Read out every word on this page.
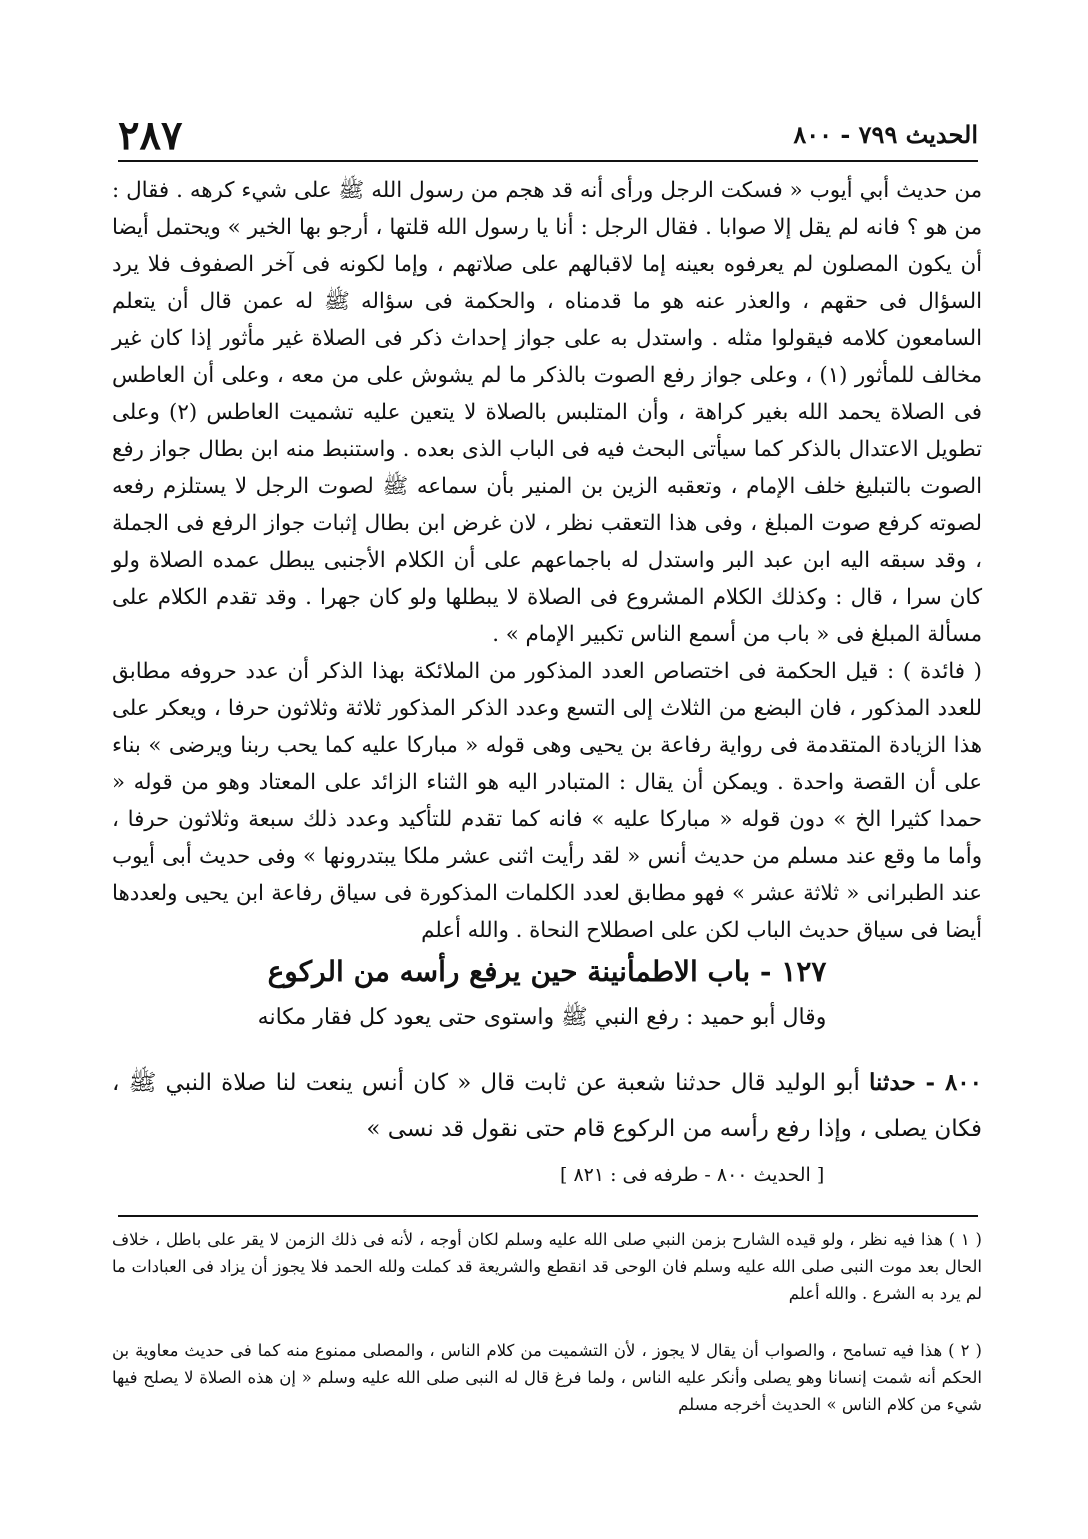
٢٨٧	الحديث ٧٩٩ - ٨٠٠

من حديث أبي أيوب « فسكت الرجل ورأى أنه قد هجم من رسول الله ﷺ على شيء كرهه . فقال : من هو ؟ فانه لم يقل إلا صوابا . فقال الرجل : أنا يا رسول الله قلتها ، أرجو بها الخير » ويحتمل أيضا أن يكون المصلون لم يعرفوه بعينه إما لاقبالهم على صلاتهم ، وإما لكونه فى آخر الصفوف فلا يرد السؤال فى حقهم ، والعذر عنه هو ما قدمناه ، والحكمة فى سؤاله ﷺ له عمن قال أن يتعلم السامعون كلامه فيقولوا مثله . واستدل به على جواز إحداث ذكر فى الصلاة غير مأثور إذا كان غير مخالف للمأثور (١) ، وعلى جواز رفع الصوت بالذكر ما لم يشوش على من معه ، وعلى أن العاطس فى الصلاة يحمد الله بغير كراهة ، وأن المتلبس بالصلاة لا يتعين عليه تشميت العاطس (٢) وعلى تطويل الاعتدال بالذكر كما سيأتى البحث فيه فى الباب الذى بعده . واستنبط منه ابن بطال جواز رفع الصوت بالتبليغ خلف الإمام ، وتعقبه الزين بن المنير بأن سماعه ﷺ لصوت الرجل لا يستلزم رفعه لصوته كرفع صوت المبلغ ، وفى هذا التعقب نظر ، لان غرض ابن بطال إثبات جواز الرفع فى الجملة ، وقد سبقه اليه ابن عبد البر واستدل له باجماعهم على أن الكلام الأجنبى يبطل عمده الصلاة ولو كان سرا ، قال : وكذلك الكلام المشروع فى الصلاة لا يبطلها ولو كان جهرا . وقد تقدم الكلام على مسألة المبلغ فى « باب من أسمع الناس تكبير الإمام » .

( فائدة ) : قيل الحكمة فى اختصاص العدد المذكور من الملائكة بهذا الذكر أن عدد حروفه مطابق للعدد المذكور ، فان البضع من الثلاث إلى التسع وعدد الذكر المذكور ثلاثة وثلاثون حرفا ، ويعكر على هذا الزيادة المتقدمة فى رواية رفاعة بن يحيى وهى قوله « مباركا عليه كما يحب ربنا ويرضى » بناء على أن القصة واحدة . ويمكن أن يقال : المتبادر اليه هو الثناء الزائد على المعتاد وهو من قوله « حمدا كثيرا الخ » دون قوله « مباركا عليه » فانه كما تقدم للتأكيد وعدد ذلك سبعة وثلاثون حرفا ، وأما ما وقع عند مسلم من حديث أنس « لقد رأيت اثنى عشر ملكا يبتدرونها » وفى حديث أبى أيوب عند الطبرانى « ثلاثة عشر » فهو مطابق لعدد الكلمات المذكورة فى سياق رفاعة ابن يحيى ولعددها أيضا فى سياق حديث الباب لكن على اصطلاح النحاة . والله أعلم

١٢٧ - باب الاطمأنينة حين يرفع رأسه من الركوع
وقال أبو حميد : رفع النبي ﷺ واستوى حتى يعود كل فقار مكانه
٨٠٠ - حدثنا أبو الوليد قال حدثنا شعبة عن ثابت قال « كان أنس ينعت لنا صلاة النبي ﷺ ، فكان يصلى ، وإذا رفع رأسه من الركوع قام حتى نقول قد نسى »
[ الحديث ٨٠٠ - طرفه فى : ٨٢١ ]
( ١ ) هذا فيه نظر ، ولو قيده الشارح بزمن النبي صلى الله عليه وسلم لكان أوجه ، لأنه فى ذلك الزمن لا يقر على باطل ، خلاف الحال بعد موت النبى صلى الله عليه وسلم فان الوحى قد انقطع والشريعة قد كملت ولله الحمد فلا يجوز أن يزاد فى العبادات ما لم يرد به الشرع . والله أعلم
( ٢ ) هذا فيه تسامح ، والصواب أن يقال لا يجوز ، لأن التشميت من كلام الناس ، والمصلى ممنوع منه كما فى حديث معاوية بن الحكم أنه شمت إنسانا وهو يصلى وأنكر عليه الناس ، ولما فرغ قال له النبى صلى الله عليه وسلم « إن هذه الصلاة لا يصلح فيها شيء من كلام الناس » الحديث أخرجه مسلم
